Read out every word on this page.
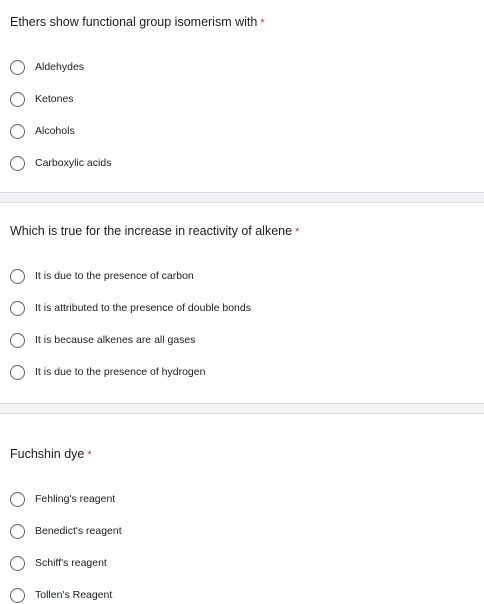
Ethers show functional group isomerism with *
Aldehydes
Ketones
Alcohols
Carboxylic acids
Which is true for the increase in reactivity of alkene *
It is due to the presence of carbon
It is attributed to the presence of double bonds
It is because alkenes are all gases
It is due to the presence of hydrogen
Fuchshin dye *
Fehling's reagent
Benedict's reagent
Schiff's reagent
Tollen's Reagent
